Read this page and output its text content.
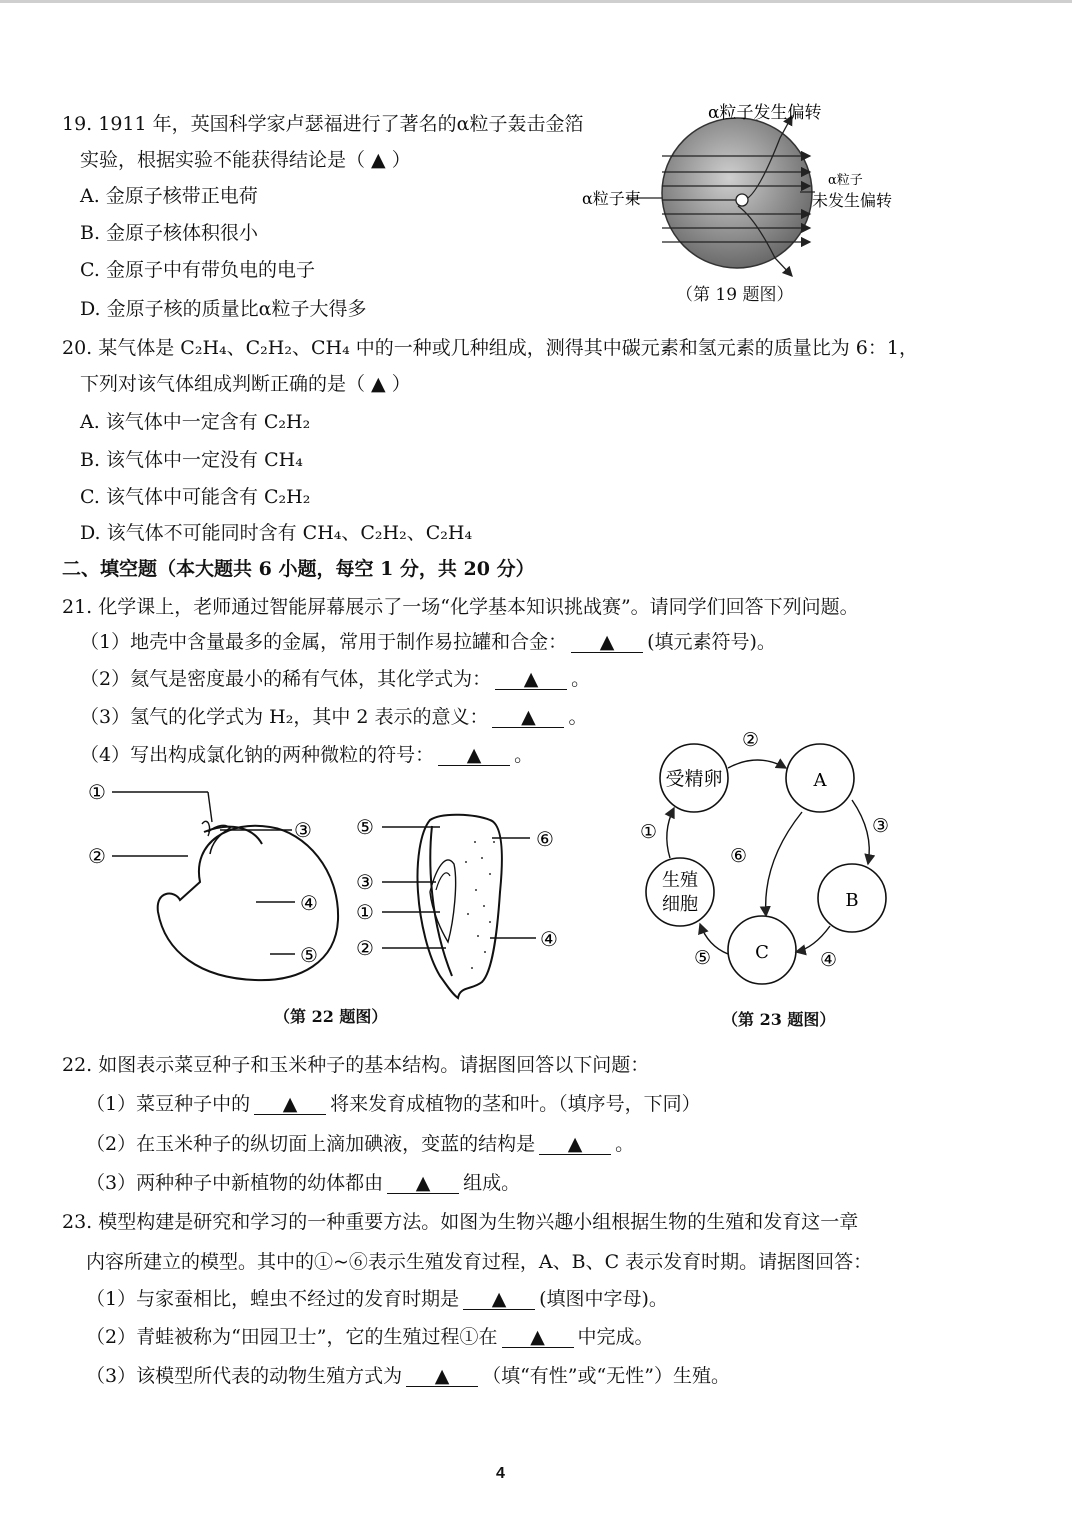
19. 1911 年，英国科学家卢瑟福进行了著名的α粒子轰击金箔
实验，根据实验不能获得结论是（ ▲ ）
A. 金原子核带正电荷
B. 金原子核体积很小
C. 金原子中有带负电的电子
D. 金原子核的质量比α粒子大得多
α粒子发生偏转
α粒子束
α粒子
未发生偏转
（第 19 题图）
20. 某气体是 C₂H₄、C₂H₂、CH₄ 中的一种或几种组成，测得其中碳元素和氢元素的质量比为 6：1，
下列对该气体组成判断正确的是（ ▲ ）
A. 该气体中一定含有 C₂H₂
B. 该气体中一定没有 CH₄
C. 该气体中可能含有 C₂H₂
D. 该气体不可能同时含有 CH₄、C₂H₂、C₂H₄
二、填空题（本大题共 6 小题，每空 1 分，共 20 分）
21. 化学课上，老师通过智能屏幕展示了一场“化学基本知识挑战赛”。请同学们回答下列问题。
（1）地壳中含量最多的金属，常用于制作易拉罐和合金： ▲ (填元素符号)。
（2）氦气是密度最小的稀有气体，其化学式为： ▲ 。
（3）氢气的化学式为 H₂，其中 2 表示的意义： ▲ 。
（4）写出构成氯化钠的两种微粒的符号： ▲ 。
①
②
③
④
⑤
⑤
③
①
②
⑥
④
（第 22 题图）
①
②
③
④
⑤
⑥
受精卵	A
B
C
生殖
细胞
（第 23 题图）
22. 如图表示菜豆种子和玉米种子的基本结构。请据图回答以下问题：
（1）菜豆种子中的 ▲ 将来发育成植物的茎和叶。（填序号，下同）
（2）在玉米种子的纵切面上滴加碘液，变蓝的结构是 ▲ 。
（3）两种种子中新植物的幼体都由 ▲ 组成。
23. 模型构建是研究和学习的一种重要方法。如图为生物兴趣小组根据生物的生殖和发育这一章
内容所建立的模型。其中的①~⑥表示生殖发育过程，A、B、C 表示发育时期。请据图回答：
（1）与家蚕相比，蝗虫不经过的发育时期是 ▲ (填图中字母)。
（2）青蛙被称为“田园卫士”，它的生殖过程①在 ▲ 中完成。
（3）该模型所代表的动物生殖方式为 ▲ （填“有性”或“无性”）生殖。
4
